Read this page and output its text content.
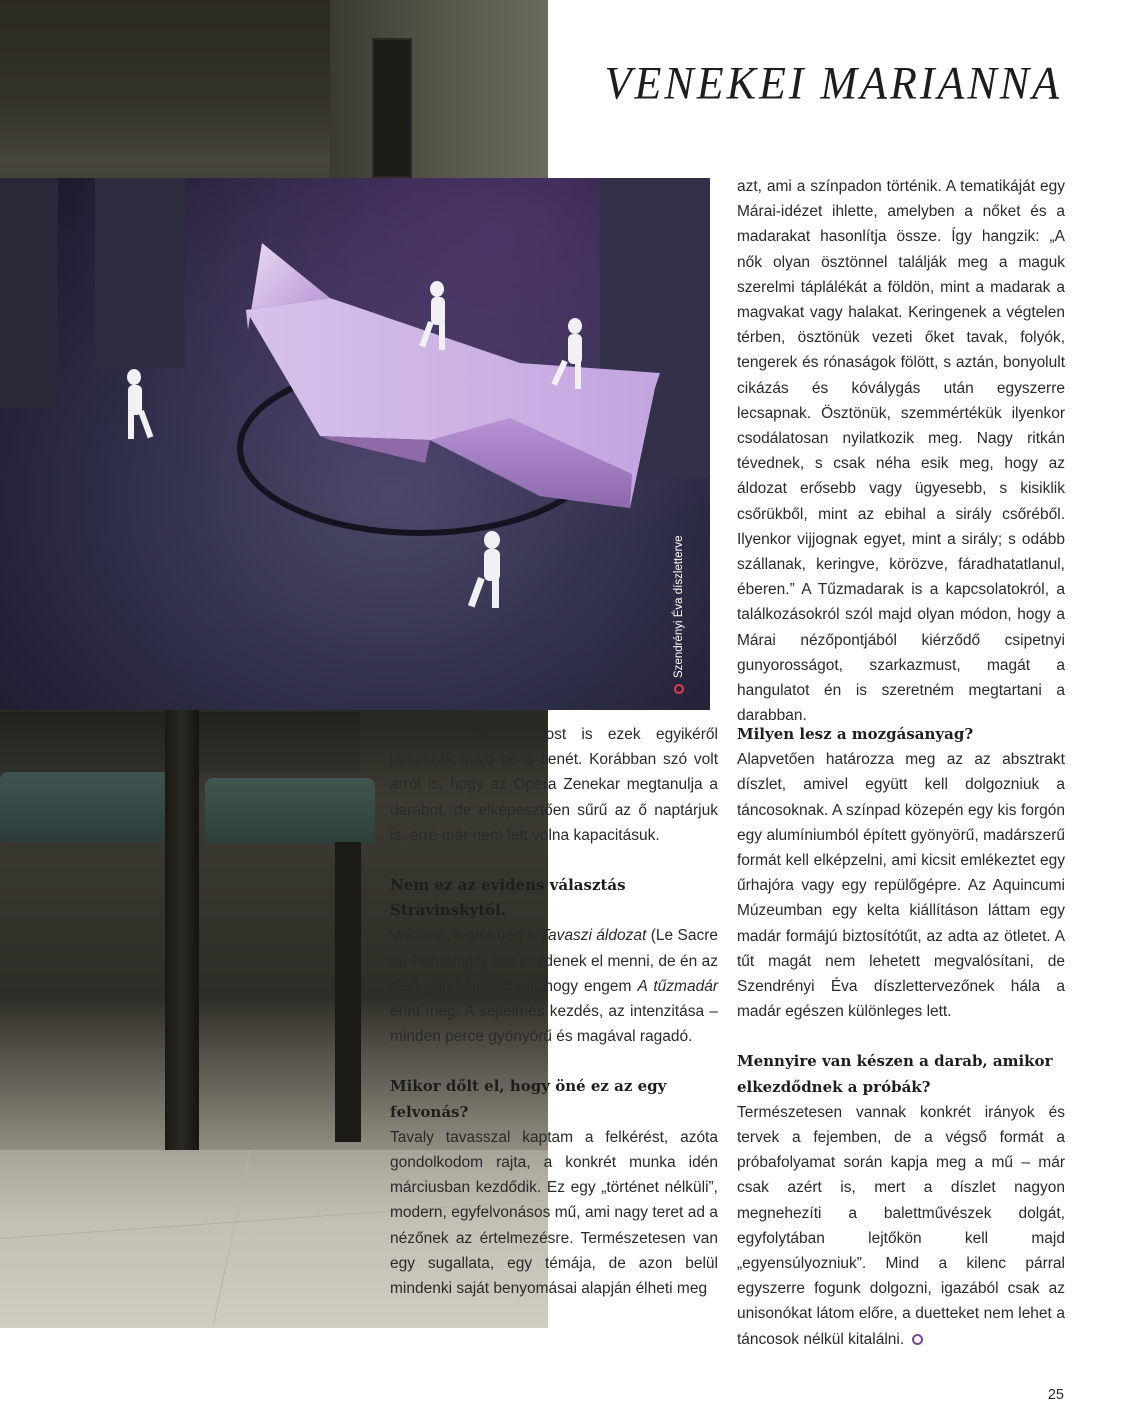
Szendrényi Éva díszletterve
VENEKEI MARIANNA

azt, ami a színpadon történik. A tematikáját egy Márai-idézet ihlette, amelyben a nőket és a madarakat hasonlítja össze. Így hangzik: „A nők olyan ösztönnel találják meg a maguk szerelmi táplálékát a földön, mint a madarak a magvakat vagy halakat. Keringenek a végtelen térben, ösztönük vezeti őket tavak, folyók, tengerek és rónaságok fölött, s aztán, bonyolult cikázás és kóválygás után egyszerre lecsapnak. Ösztönük, szemmértékük ilyenkor csodálatosan nyilatkozik meg. Nagy ritkán tévednek, s csak néha esik meg, hogy az áldozat erősebb vagy ügyesebb, s kisiklik csőrükből, mint az ebihal a sirály csőréből. Ilyenkor vijjognak egyet, mint a sirály; s odább szállanak, keringve, körözve, fáradhatatlanul, éberen.” A Tűzmadarak is a kapcsolatokról, a találkozásokról szól majd olyan módon, hogy a Márai nézőpontjából kiérződő csipetnyi gunyorosságot, szarkazmust, magát a hangulatot én is szeretném megtartani a darabban.

CD-t vásároltam, most is ezek egyikéről játszszák majd be a zenét. Korábban szó volt arról is, hogy az Opera Zenekar megtanulja a darabot, de elképesztően sűrű az ő naptárjuk is, erre már nem lett volna kapacitásuk.

Nem ez az evidens választás Stravinskytól.

Valóban, legtöbben a Tavaszi áldozat (Le Sacre du Printemps) felé kezdenek el menni, de én az első percben tudtam, hogy engem A tűzmadár érint meg. A sejtelmes kezdés, az intenzitása – minden perce gyönyörű és magával ragadó.

Mikor dőlt el, hogy öné ez az egy felvonás?

Tavaly tavasszal kaptam a felkérést, azóta gondolkodom rajta, a konkrét munka idén márciusban kezdődik. Ez egy „történet nélküli”, modern, egyfelvonásos mű, ami nagy teret ad a nézőnek az értelmezésre. Természetesen van egy sugallata, egy témája, de azon belül mindenki saját benyomásai alapján élheti meg

Milyen lesz a mozgásanyag?

Alapvetően határozza meg az az absztrakt díszlet, amivel együtt kell dolgozniuk a táncosoknak. A színpad közepén egy kis forgón egy alumíniumból épített gyönyörű, madárszerű formát kell elképzelni, ami kicsit emlékeztet egy űrhajóra vagy egy repülőgépre. Az Aquincumi Múzeumban egy kelta kiállításon láttam egy madár formájú biztosítótűt, az adta az ötletet. A tűt magát nem lehetett megvalósítani, de Szendrényi Éva díszlettervezőnek hála a madár egészen különleges lett.

Mennyire van készen a darab, amikor elkezdődnek a próbák?

Természetesen vannak konkrét irányok és tervek a fejemben, de a végső formát a próbafolyamat során kapja meg a mű – már csak azért is, mert a díszlet nagyon megnehezíti a balettművészek dolgát, egyfolytában lejtőkön kell majd „egyensúlyozniuk”. Mind a kilenc párral egyszerre fogunk dolgozni, igazából csak az unisonókat látom előre, a duetteket nem lehet a táncosok nélkül kitalálni.

25
